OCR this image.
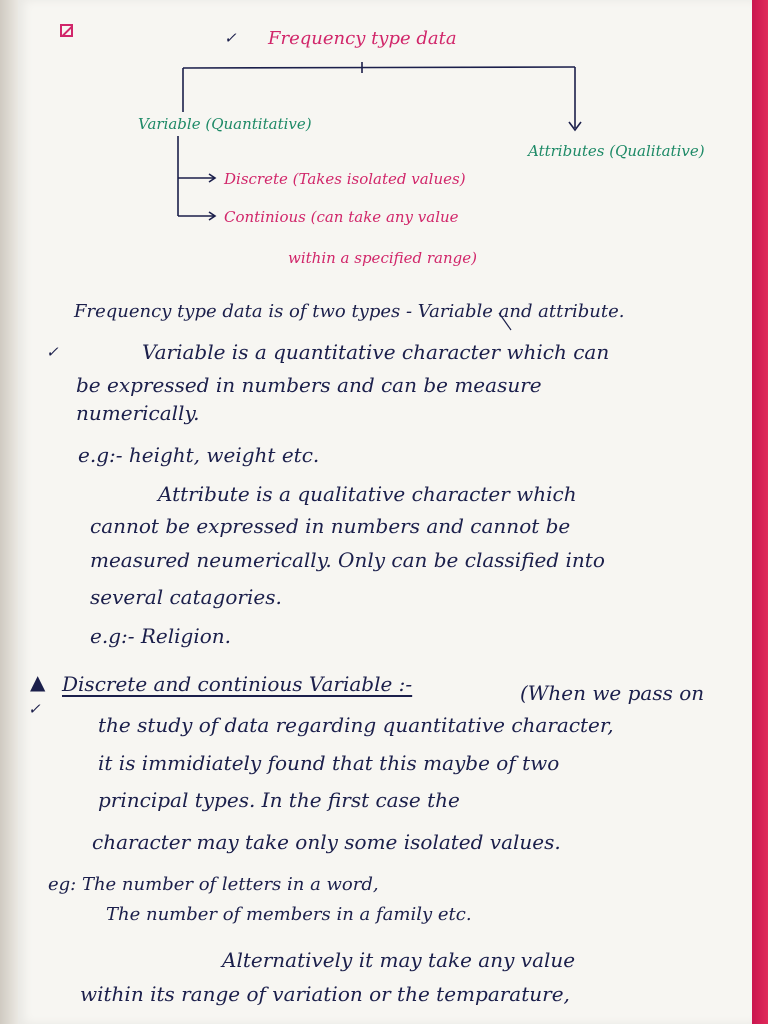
✓ Frequency type data
Variable (Quantitative)
Attributes (Qualitative)
Discrete (Takes isolated values)
Continious (can take any value
within a specified range)
Frequency type data is of two types - Variable and attribute.
✓	Variable is a quantitative character which can
be expressed in numbers and can be measure
numerically.
e.g:- height, weight etc.
Attribute is a qualitative character which
cannot be expressed in numbers and cannot be
measured neumerically. Only can be classified into
several catagories.
e.g:- Religion.
▲
✓
Discrete and continious Variable :-	(When we pass on
the study of data regarding quantitative character,
it is immidiately found that this maybe of two
principal types. In the first case the
character may take only some isolated values.
eg: The number of letters in a word,
The number of members in a family etc.
Alternatively it may take any value
within its range of variation or the temparature,
